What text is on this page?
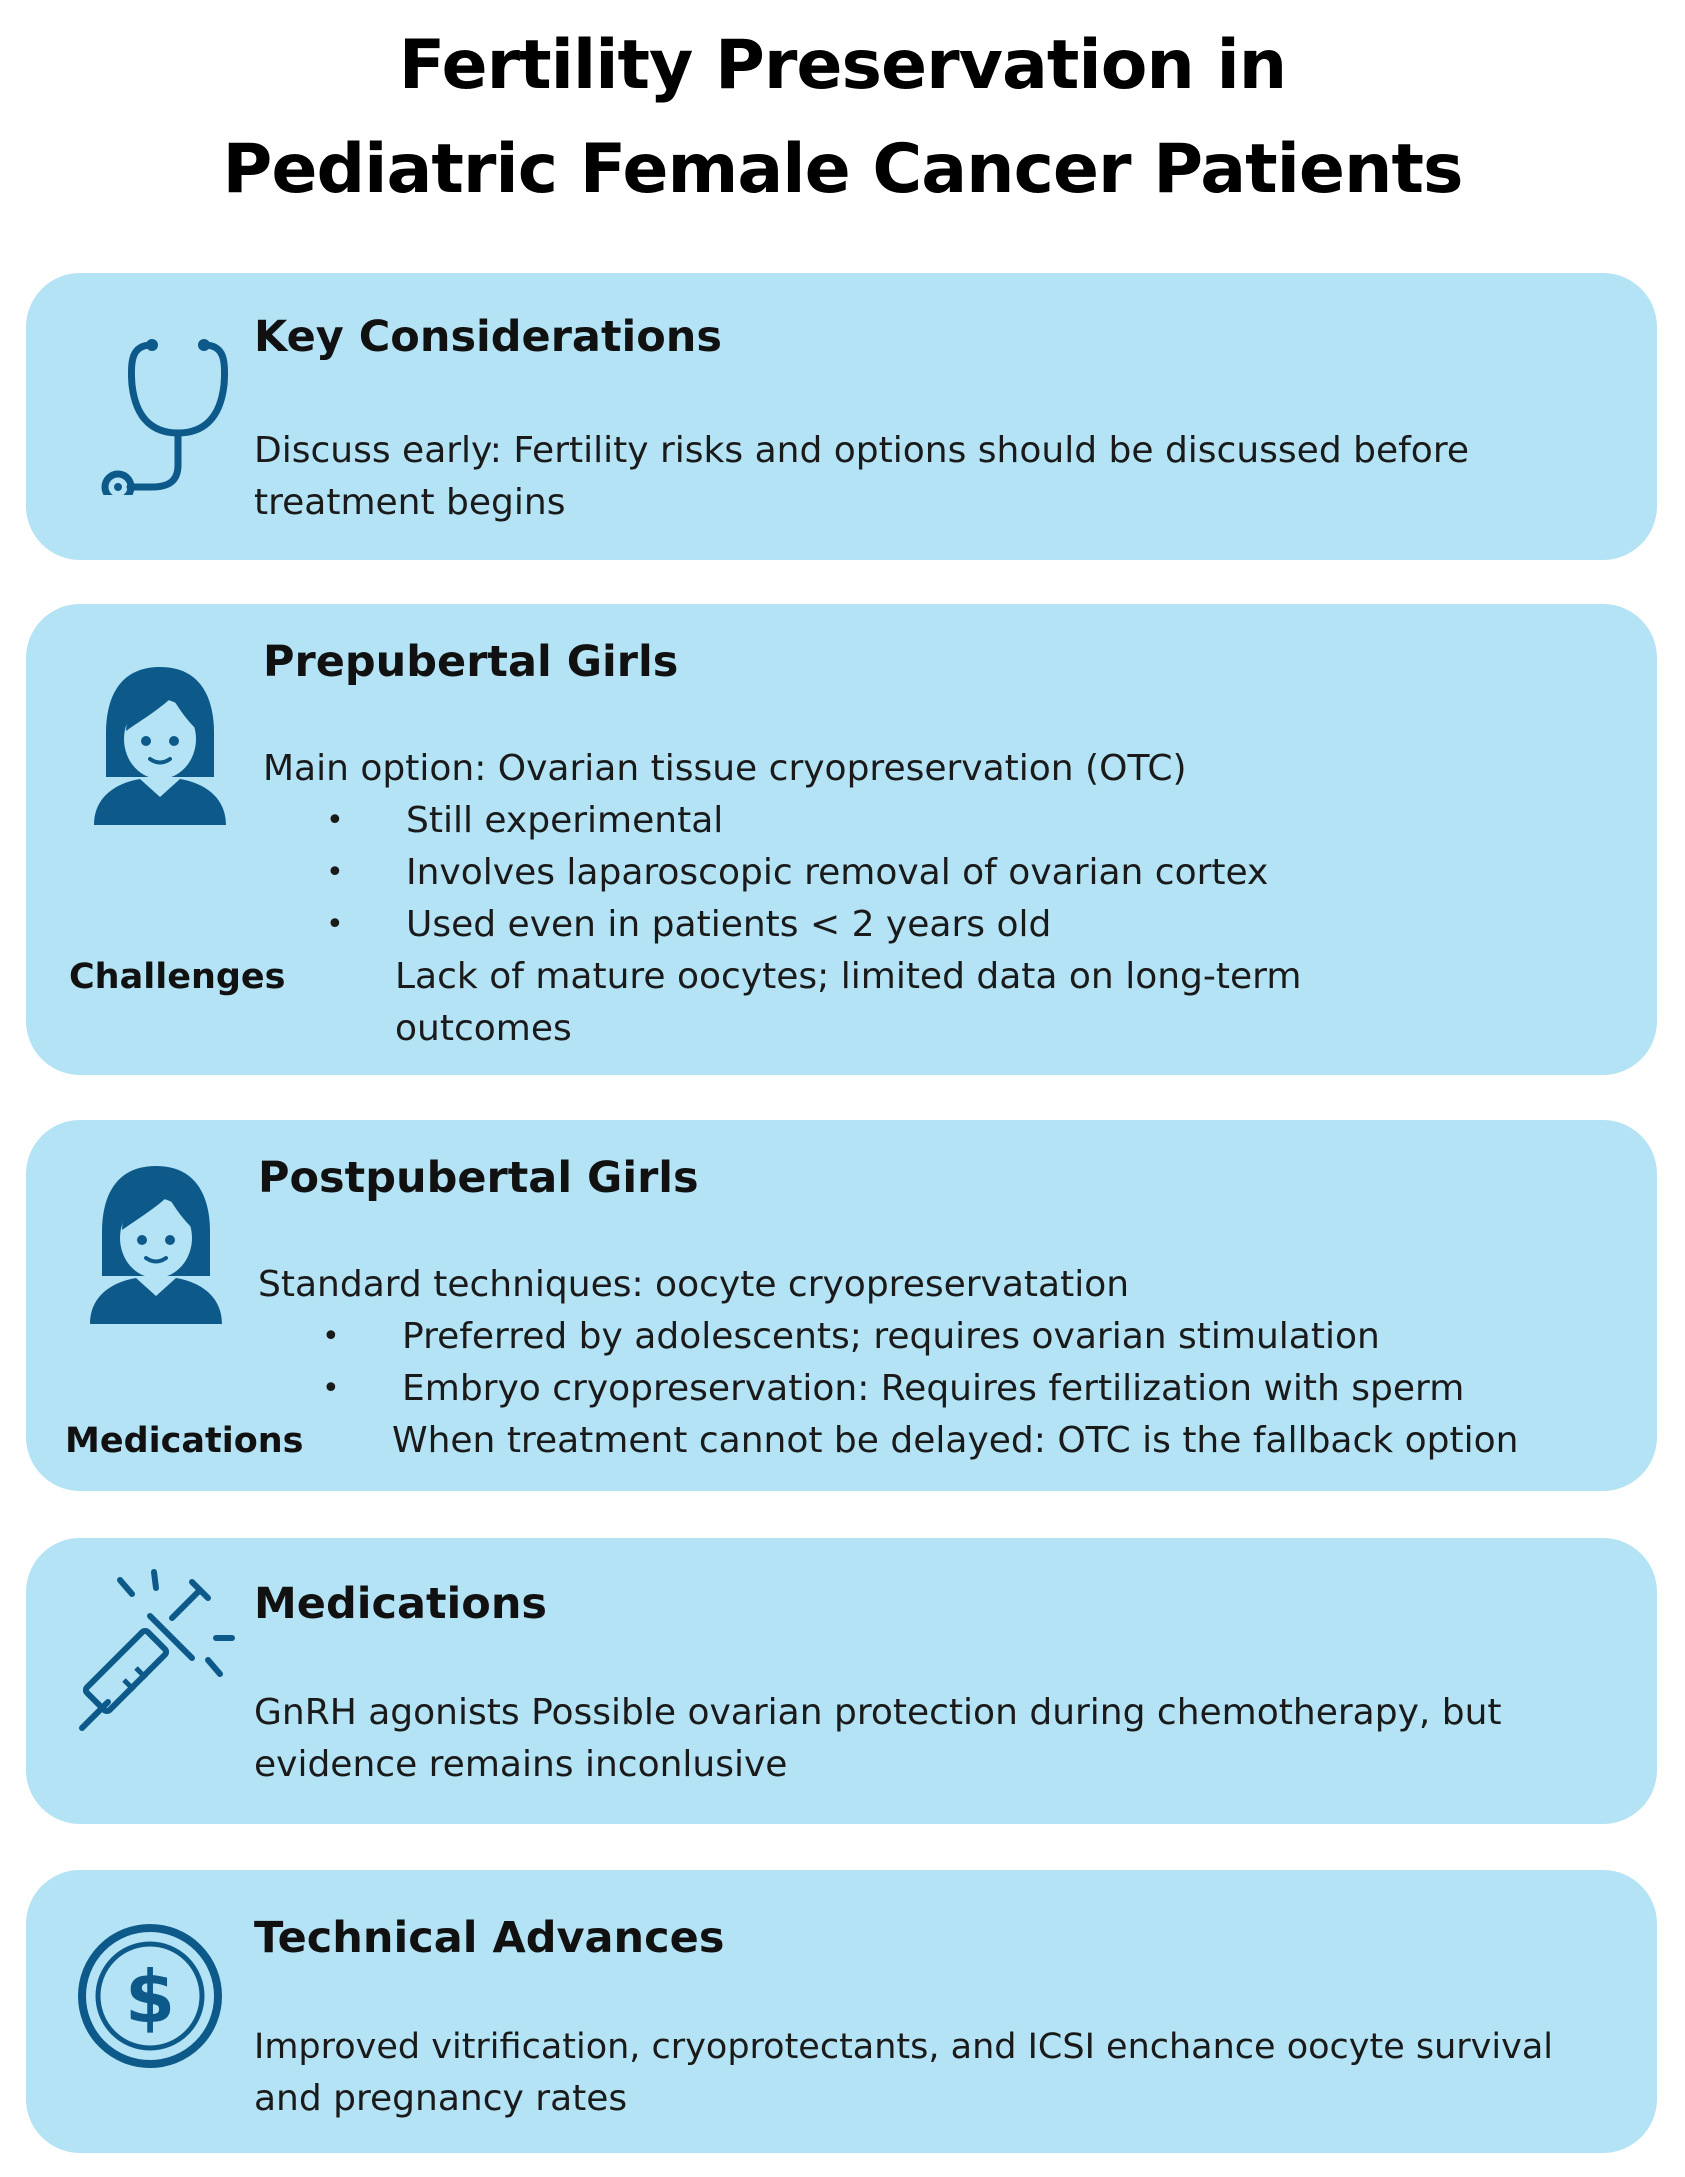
Fertility Preservation in
Pediatric Female Cancer Patients
Key Considerations
Discuss early: Fertility risks and options should be discussed before
treatment begins
Prepubertal Girls
Main option: Ovarian tissue cryopreservation (OTC)
• Still experimental
• Involves laparoscopic removal of ovarian cortex
• Used even in patients < 2 years old
Challenges	Lack of mature oocytes; limited data on long-term
outcomes
Postpubertal Girls
Standard techniques: oocyte cryopreservatation
• Preferred by adolescents; requires ovarian stimulation
• Embryo cryopreservation: Requires fertilization with sperm
Medications When treatment cannot be delayed: OTC is the fallback option
Medications
GnRH agonists Possible ovarian protection during chemotherapy, but
evidence remains inconlusive
$
Technical Advances
Improved vitrification, cryoprotectants, and ICSI enchance oocyte survival
and pregnancy rates
